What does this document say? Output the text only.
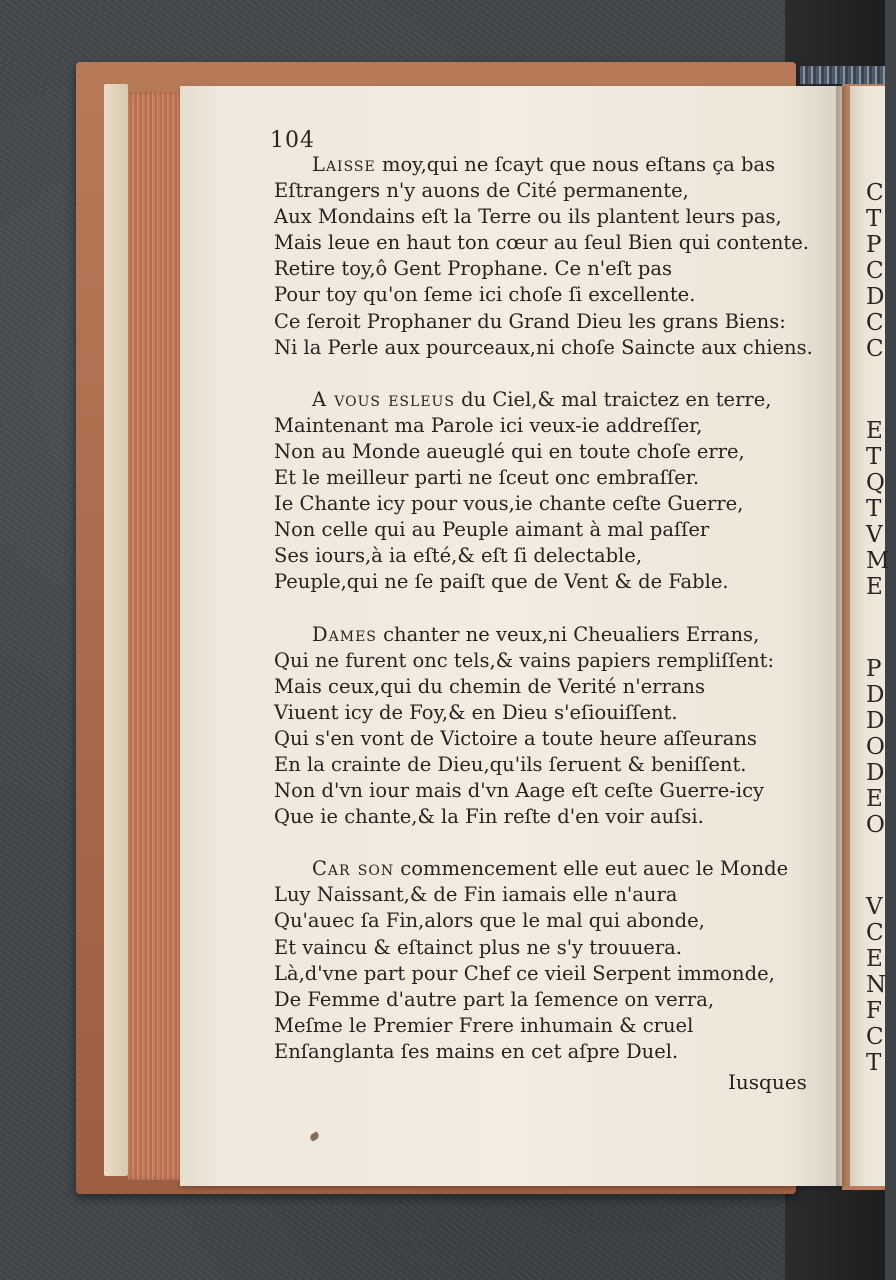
C
T
P
C
D
C
C
E
T
Q
T
V
M
E
P
D
D
O
D
E
O
V
C
E
N
F
C
T
104
Laisse moy,qui ne ſcayt que nous eſtans ça bas
Eſtrangers n'y auons de Cité permanente,
Aux Mondains eſt la Terre ou ils plantent leurs pas,
Mais leue en haut ton cœur au ſeul Bien qui contente.
Retire toy,ô Gent Prophane. Ce n'eſt pas
Pour toy qu'on ſeme ici choſe ſi excellente.
Ce ſeroit Prophaner du Grand Dieu les grans Biens:
Ni la Perle aux pourceaux,ni choſe Saincte aux chiens.
A vous esleus du Ciel,& mal traictez en terre,
Maintenant ma Parole ici veux-ie addreſſer,
Non au Monde aueuglé qui en toute choſe erre,
Et le meilleur parti ne ſceut onc embraſſer.
Ie Chante icy pour vous,ie chante ceſte Guerre,
Non celle qui au Peuple aimant à mal paſſer
Ses iours,à ia eſté,& eſt ſi delectable,
Peuple,qui ne ſe paiſt que de Vent & de Fable.
Dames chanter ne veux,ni Cheualiers Errans,
Qui ne furent onc tels,& vains papiers rempliſſent:
Mais ceux,qui du chemin de Verité n'errans
Viuent icy de Foy,& en Dieu s'eſiouiſſent.
Qui s'en vont de Victoire a toute heure aſſeurans
En la crainte de Dieu,qu'ils ſeruent & beniſſent.
Non d'vn iour mais d'vn Aage eſt ceſte Guerre-icy
Que ie chante,& la Fin reſte d'en voir auſsi.
Car son commencement elle eut auec le Monde
Luy Naissant,& de Fin iamais elle n'aura
Qu'auec ſa Fin,alors que le mal qui abonde,
Et vaincu & eſtainct plus ne s'y trouuera.
Là,d'vne part pour Chef ce vieil Serpent immonde,
De Femme d'autre part la ſemence on verra,
Meſme le Premier Frere inhumain & cruel
Enſanglanta ſes mains en cet aſpre Duel.
Iusques
